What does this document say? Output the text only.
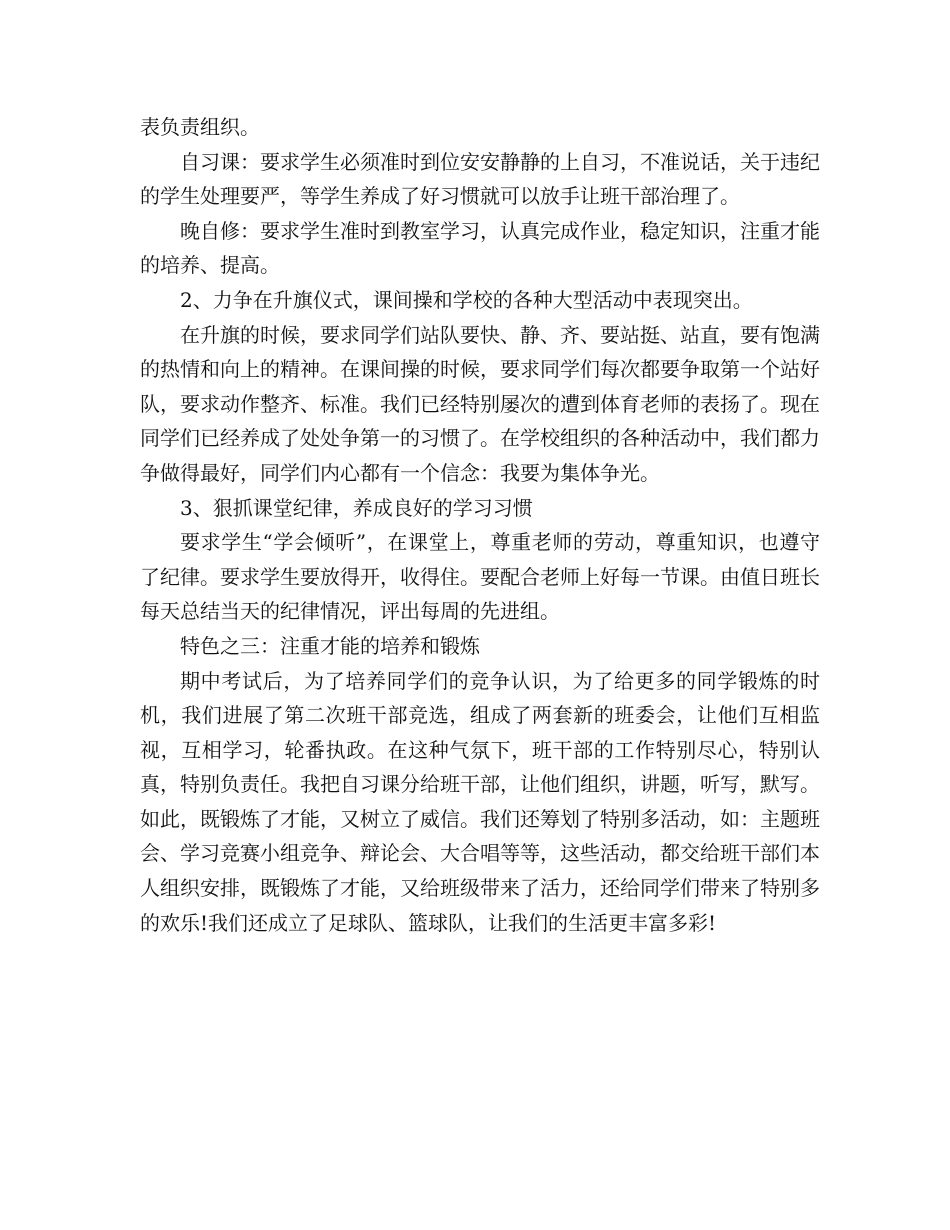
表负责组织。

自习课：要求学生必须准时到位安安静静的上自习，不准说话，关于违纪的学生处理要严，等学生养成了好习惯就可以放手让班干部治理了。

晚自修：要求学生准时到教室学习，认真完成作业，稳定知识，注重才能的培养、提高。

2、力争在升旗仪式，课间操和学校的各种大型活动中表现突出。

在升旗的时候，要求同学们站队要快、静、齐、要站挺、站直，要有饱满的热情和向上的精神。在课间操的时候，要求同学们每次都要争取第一个站好队，要求动作整齐、标准。我们已经特别屡次的遭到体育老师的表扬了。现在同学们已经养成了处处争第一的习惯了。在学校组织的各种活动中，我们都力争做得最好，同学们内心都有一个信念：我要为集体争光。

3、狠抓课堂纪律，养成良好的学习习惯

要求学生“学会倾听”，在课堂上，尊重老师的劳动，尊重知识，也遵守了纪律。要求学生要放得开，收得住。要配合老师上好每一节课。由值日班长每天总结当天的纪律情况，评出每周的先进组。

特色之三：注重才能的培养和锻炼

期中考试后，为了培养同学们的竞争认识，为了给更多的同学锻炼的时机，我们进展了第二次班干部竞选，组成了两套新的班委会，让他们互相监视，互相学习，轮番执政。在这种气氛下，班干部的工作特别尽心，特别认真，特别负责任。我把自习课分给班干部，让他们组织，讲题，听写，默写。如此，既锻炼了才能，又树立了威信。我们还筹划了特别多活动，如：主题班会、学习竞赛小组竞争、辩论会、大合唱等等，这些活动，都交给班干部们本人组织安排，既锻炼了才能，又给班级带来了活力，还给同学们带来了特别多的欢乐!我们还成立了足球队、篮球队，让我们的生活更丰富多彩!
